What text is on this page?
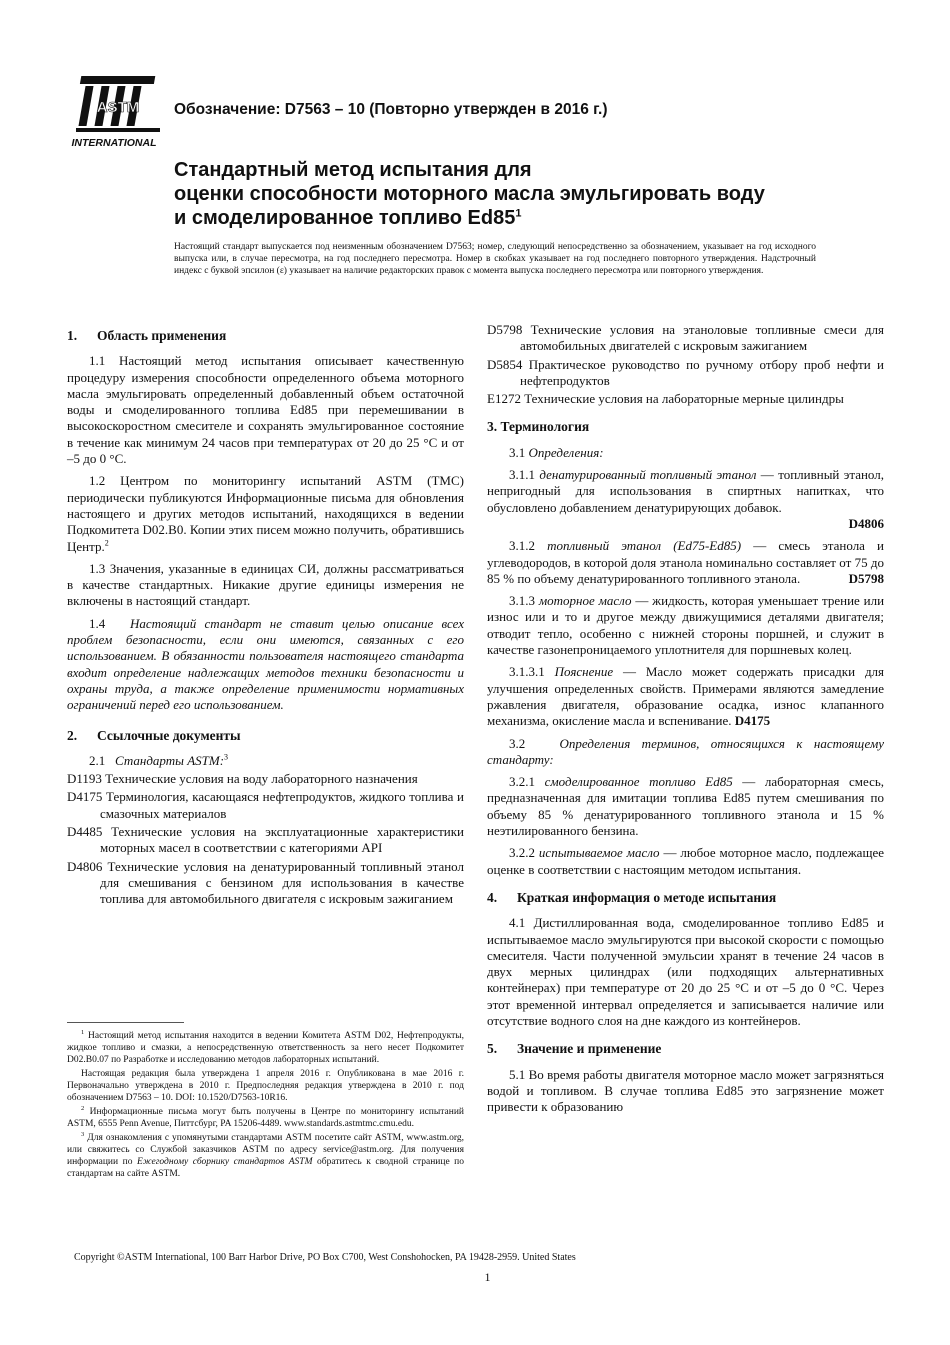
ASTM
INTERNATIONAL
Обозначение: D7563 – 10 (Повторно утвержден в 2016 г.)
Стандартный метод испытания для
оценки способности моторного масла эмульгировать воду
и смоделированное топливо $Ed85^1$

Настоящий стандарт выпускается под неизменным обозначением D7563; номер, следующий непосредственно за обозначением, указывает на год исходного выпуска или, в случае пересмотра, на год последнего пересмотра. Номер в скобках указывает на год последнего повторного утверждения. Надстрочный индекс с буквой эпсилон (ε) указывает на наличие редакторских правок с момента выпуска последнего пересмотра или повторного утверждения.

1. Область применения

1.1 Настоящий метод испытания описывает качественную процедуру измерения способности определенного объема моторного масла эмульгировать определенный добавленный объем остаточной воды и смоделированного топлива Ed85 при перемешивании в высокоскоростном смесителе и сохранять эмульгированное состояние в течение как минимум 24 часов при температурах от 20 до 25 °C и от –5 до 0 °C.

1.2 Центром по мониторингу испытаний ASTM (TMC) периодически публикуются Информационные письма для обновления настоящего и других методов испытаний, находящихся в ведении Подкомитета D02.B0. Копии этих писем можно получить, обратившись Центр.$^2$

1.3 Значения, указанные в единицах СИ, должны рассматриваться в качестве стандартных. Никакие другие единицы измерения не включены в настоящий стандарт.

1.4 Настоящий стандарт не ставит целью описание всех проблем безопасности, если они имеются, связанных с его использованием. В обязанности пользователя настоящего стандарта входит определение надлежащих методов техники безопасности и охраны труда, а также определение применимости нормативных ограничений перед его использованием.

2. Ссылочные документы

2.1 Стандарты ASTM:$^3$

D1193 Технические условия на воду лабораторного назначения

D4175 Терминология, касающаяся нефтепродуктов, жидкого топлива и смазочных материалов

D4485 Технические условия на эксплуатационные характеристики моторных масел в соответствии с категориями API

D4806 Технические условия на денатурированный топливный этанол для смешивания с бензином для использования в качестве топлива для автомобильного двигателя с искровым зажиганием

D5798 Технические условия на этаноловые топливные смеси для автомобильных двигателей с искровым зажиганием

D5854 Практическое руководство по ручному отбору проб нефти и нефтепродуктов

E1272 Технические условия на лабораторные мерные цилиндры

3. Терминология

3.1 Определения:

3.1.1 денатурированный топливный этанол — топливный этанол, непригодный для использования в спиртных напитках, что обусловлено добавлением денатурирующих добавок.
D4806

3.1.2 топливный этанол (Ed75-Ed85) — смесь этанола и углеводородов, в которой доля этанола номинально составляет от 75 до 85 % по объему денатурированного топливного этанола.	D5798

3.1.3 моторное масло — жидкость, которая уменьшает трение или износ или и то и другое между движущимися деталями двигателя; отводит тепло, особенно с нижней стороны поршней, и служит в качестве газонепроницаемого уплотнителя для поршневых колец.

3.1.3.1 Пояснение — Масло может содержать присадки для улучшения определенных свойств. Примерами являются замедление ржавления двигателя, образование осадка, износ клапанного механизма, окисление масла и вспенивание. D4175

3.2	Определения терминов, относящихся к настоящему стандарту:

3.2.1 смоделированное топливо Ed85 — лабораторная смесь, предназначенная для имитации топлива Ed85 путем смешивания по объему 85 % денатурированного топливного этанола и 15 % неэтилированного бензина.

3.2.2 испытываемое масло — любое моторное масло, подлежащее оценке в соответствии с настоящим методом испытания.

4. Краткая информация о методе испытания

4.1 Дистиллированная вода, смоделированное топливо Ed85 и испытываемое масло эмульгируются при высокой скорости с помощью смесителя. Части полученной эмульсии хранят в течение 24 часов в двух мерных цилиндрах (или подходящих альтернативных контейнерах) при температуре от 20 до 25 °C и от –5 до 0 °C. Через этот временной интервал определяется и записывается наличие или отсутствие водного слоя на дне каждого из контейнеров.

5. Значение и применение

5.1 Во время работы двигателя моторное масло может загрязняться водой и топливом. В случае топлива Ed85 это загрязнение может привести к образованию

$^1$ Настоящий метод испытания находится в ведении Комитета ASTM D02, Нефтепродукты, жидкое топливо и смазки, а непосредственную ответственность за него несет Подкомитет D02.B0.07 по Разработке и исследованию методов лабораторных испытаний.

Настоящая редакция была утверждена 1 апреля 2016 г. Опубликована в мае 2016 г. Первоначально утверждена в 2010 г. Предпоследняя редакция утверждена в 2010 г. под обозначением D7563 – 10. DOI: 10.1520/D7563-10R16.

$^2$ Информационные письма могут быть получены в Центре по мониторингу испытаний ASTM, 6555 Penn Avenue, Питтсбург, PA 15206-4489. www.standards.astmtmc.cmu.edu.

$^3$ Для ознакомления с упомянутыми стандартами ASTM посетите сайт ASTM, www.astm.org, или свяжитесь со Службой заказчиков ASTM по адресу service@astm.org. Для получения информации по Ежегодному сборнику стандартов ASTM обратитесь к сводной странице по стандартам на сайте ASTM.

Copyright ©ASTM International, 100 Barr Harbor Drive, PO Box C700, West Conshohocken, PA 19428-2959. United States
1
